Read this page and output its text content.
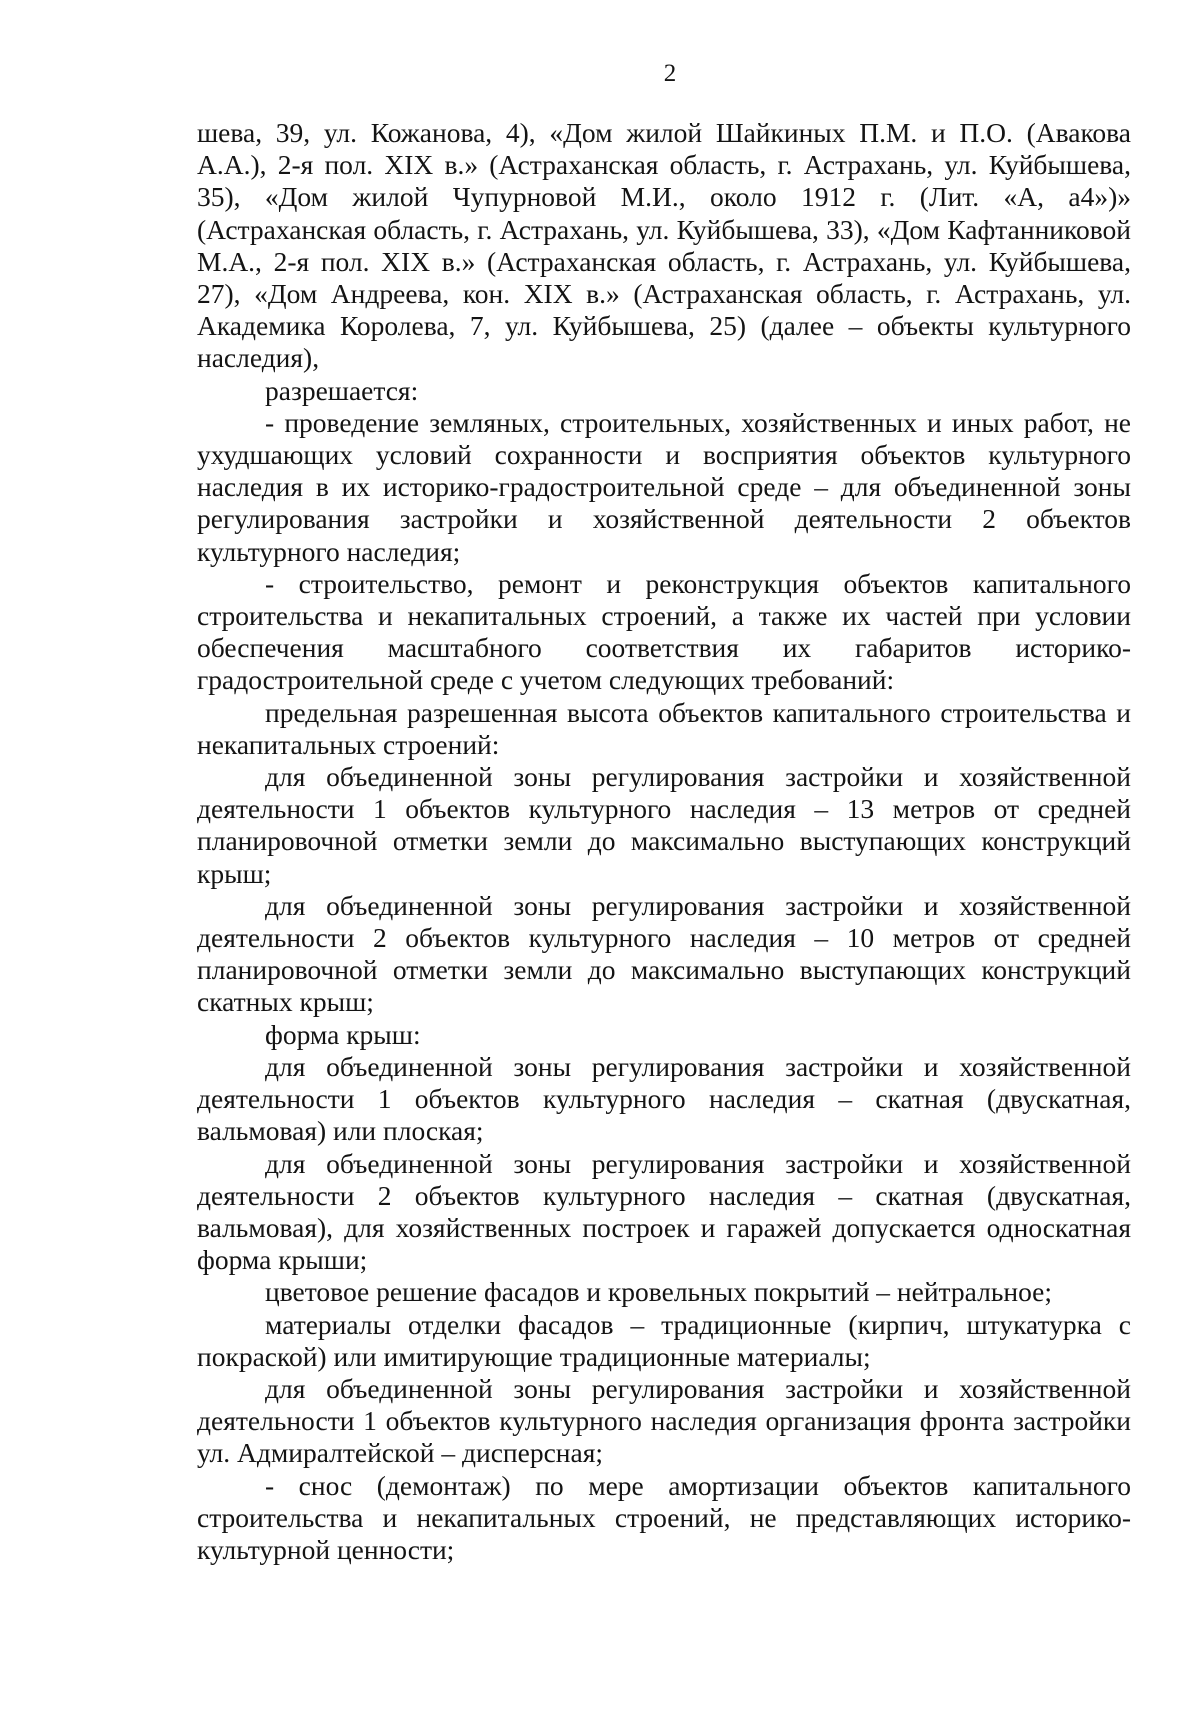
2

шева, 39, ул. Кожанова, 4), «Дом жилой Шайкиных П.М. и П.О. (Авакова А.А.), 2-я пол. XIX в.» (Астраханская область, г. Астрахань, ул. Куйбышева, 35), «Дом жилой Чупурновой М.И., около 1912 г. (Лит. «А, а4»)» (Астраханская область, г. Астрахань, ул. Куйбышева, 33), «Дом Кафтанниковой М.А., 2-я пол. XIX в.» (Астраханская область, г. Астрахань, ул. Куйбышева, 27), «Дом Андреева, кон. XIX в.» (Астраханская область, г. Астрахань, ул. Академика Королева, 7, ул. Куйбышева, 25) (далее – объекты культурного наследия),

разрешается:

- проведение земляных, строительных, хозяйственных и иных работ, не ухудшающих условий сохранности и восприятия объектов культурного наследия в их историко-градостроительной среде – для объединенной зоны регулирования застройки и хозяйственной деятельности 2 объектов культурного наследия;

- строительство, ремонт и реконструкция объектов капитального строительства и некапитальных строений, а также их частей при условии обеспечения масштабного соответствия их габаритов историко-градостроительной среде с учетом следующих требований:

предельная разрешенная высота объектов капитального строительства и некапитальных строений:

для объединенной зоны регулирования застройки и хозяйственной деятельности 1 объектов культурного наследия – 13 метров от средней планировочной отметки земли до максимально выступающих конструкций крыш;

для объединенной зоны регулирования застройки и хозяйственной деятельности 2 объектов культурного наследия – 10 метров от средней планировочной отметки земли до максимально выступающих конструкций скатных крыш;

форма крыш:

для объединенной зоны регулирования застройки и хозяйственной деятельности 1 объектов культурного наследия – скатная (двускатная, вальмовая) или плоская;

для объединенной зоны регулирования застройки и хозяйственной деятельности 2 объектов культурного наследия – скатная (двускатная, вальмовая), для хозяйственных построек и гаражей допускается односкатная форма крыши;

цветовое решение фасадов и кровельных покрытий – нейтральное;

материалы отделки фасадов – традиционные (кирпич, штукатурка с покраской) или имитирующие традиционные материалы;

для объединенной зоны регулирования застройки и хозяйственной деятельности 1 объектов культурного наследия организация фронта застройки ул. Адмиралтейской – дисперсная;

- снос (демонтаж) по мере амортизации объектов капитального строительства и некапитальных строений, не представляющих историко-культурной ценности;
